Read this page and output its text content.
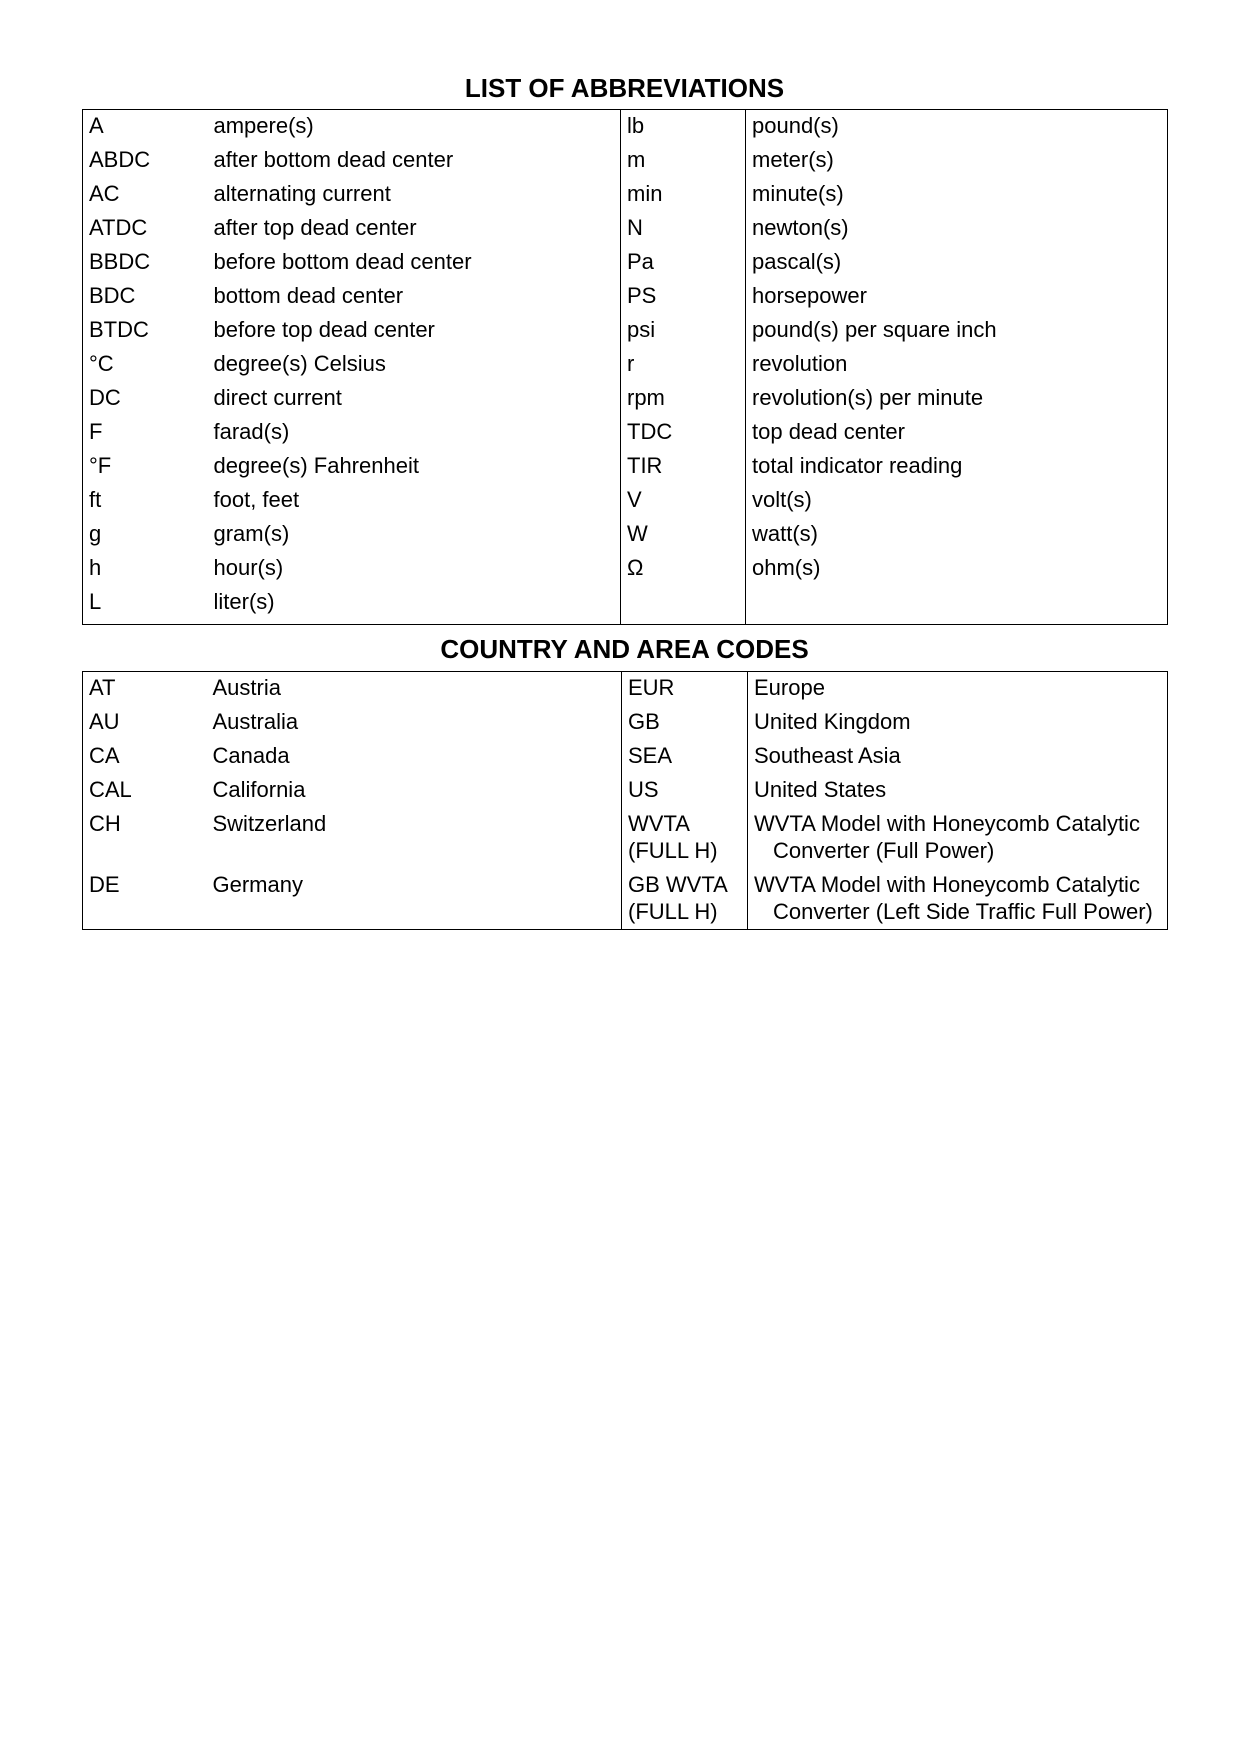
LIST OF ABBREVIATIONS
A	ampere(s)	lb	pound(s)
ABDC	after bottom dead center	m	meter(s)
AC	alternating current	min	minute(s)
ATDC	after top dead center	N	newton(s)
BBDC	before bottom dead center	Pa	pascal(s)
BDC	bottom dead center	PS	horsepower
BTDC	before top dead center	psi	pound(s) per square inch
°C	degree(s) Celsius	r	revolution
DC	direct current	rpm	revolution(s) per minute
F	farad(s)	TDC	top dead center
°F	degree(s) Fahrenheit	TIR	total indicator reading
ft	foot, feet	V	volt(s)
g	gram(s)	W	watt(s)
h	hour(s)	Ω	ohm(s)
L	liter(s)		
COUNTRY AND AREA CODES
AT	Austria	EUR	Europe
AU	Australia	GB	United Kingdom
CA	Canada	SEA	Southeast Asia
CAL	California	US	United States
CH	Switzerland	WVTA (FULL H)	WVTA Model with Honeycomb Catalytic Converter (Full Power)
DE	Germany	GB WVTA (FULL H)	WVTA Model with Honeycomb Catalytic Converter (Left Side Traffic Full Power)
